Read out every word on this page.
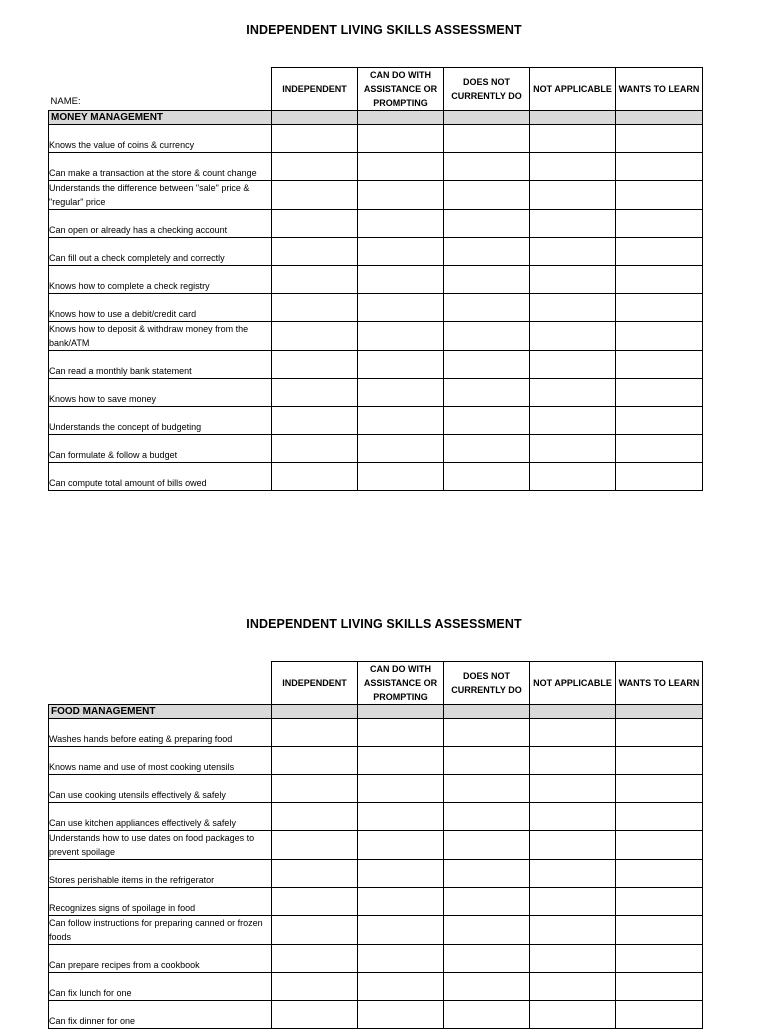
INDEPENDENT LIVING SKILLS ASSESSMENT
NAME:	INDEPENDENT	CAN DO WITH ASSISTANCE OR PROMPTING	DOES NOT CURRENTLY DO	NOT APPLICABLE	WANTS TO LEARN
MONEY MANAGEMENT					
Knows the value of coins & currency					
Can make a transaction at the store & count change					
Understands the difference between "sale" price & "regular" price					
Can open or already has a checking account					
Can fill out a check completely and correctly					
Knows how to complete a check registry					
Knows how to use a debit/credit card					
Knows how to deposit & withdraw money from the bank/ATM					
Can read a monthly bank statement					
Knows how to save money					
Understands the concept of budgeting					
Can formulate & follow a budget					
Can compute total amount of bills owed					
INDEPENDENT LIVING SKILLS ASSESSMENT
	INDEPENDENT	CAN DO WITH ASSISTANCE OR PROMPTING	DOES NOT CURRENTLY DO	NOT APPLICABLE	WANTS TO LEARN
FOOD MANAGEMENT					
Washes hands before eating & preparing food					
Knows name and use of most cooking utensils					
Can use cooking utensils effectively & safely					
Can use kitchen appliances effectively & safely					
Understands how to use dates on food packages to prevent spoilage					
Stores perishable items in the refrigerator					
Recognizes signs of spoilage in food					
Can follow instructions for preparing canned or frozen foods					
Can prepare recipes from a cookbook					
Can fix lunch for one					
Can fix dinner for one					
